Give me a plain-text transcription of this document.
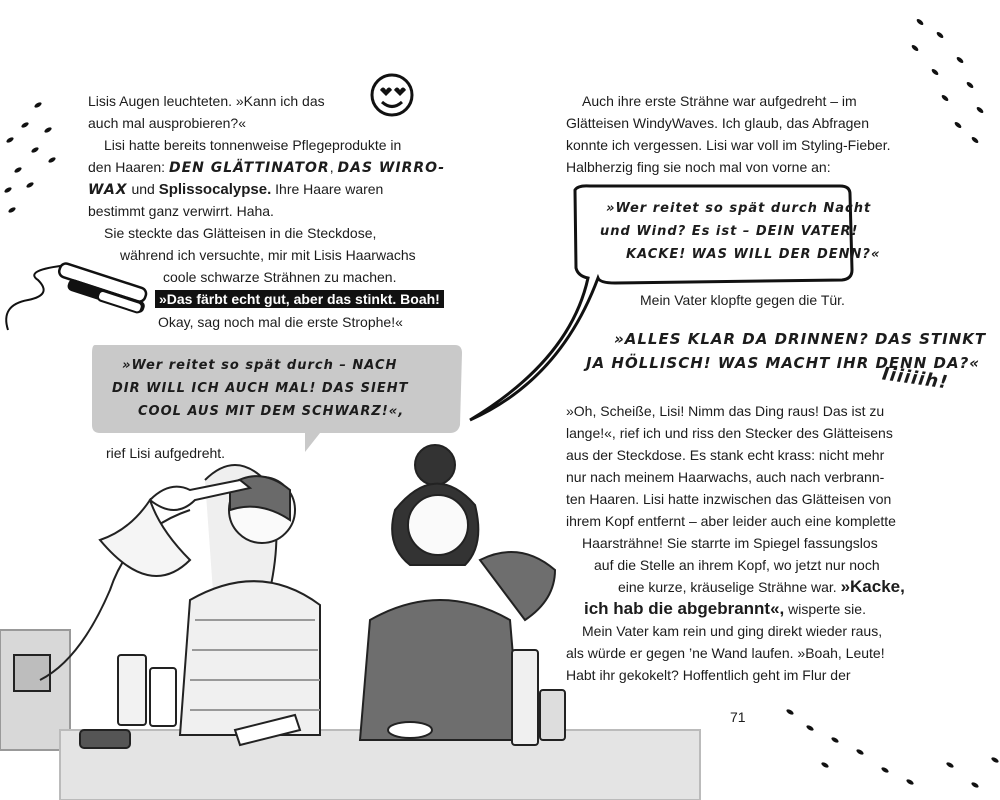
Lisis Augen leuchteten. »Kann ich das
auch mal ausprobieren?«
Lisi hatte bereits tonnenweise Pflegeprodukte in
den Haaren: DEN GLÄTTINATOR, DAS WIRRO-
WAX und Splissocalypse. Ihre Haare waren
bestimmt ganz verwirrt. Haha.
Sie steckte das Glätteisen in die Steckdose,
während ich versuchte, mir mit Lisis Haarwachs
coole schwarze Strähnen zu machen.
»Das färbt echt gut, aber das stinkt. Boah!
Okay, sag noch mal die erste Strophe!«
»Wer reitet so spät durch – NACH
DIR WILL ICH AUCH MAL! DAS SIEHT
COOL AUS MIT DEM SCHWARZ!«,
rief Lisi aufgedreht.
Auch ihre erste Strähne war aufgedreht – im
Glätteisen WindyWaves. Ich glaub, das Abfragen
konnte ich vergessen. Lisi war voll im Styling-Fieber.
Halbherzig fing sie noch mal von vorne an:
»Wer reitet so spät durch Nacht
und Wind? Es ist – DEIN VATER!
KACKE! WAS WILL DER DENN?«
Mein Vater klopfte gegen die Tür.
»ALLES KLAR DA DRINNEN? DAS STINKT
JA HÖLLISCH! WAS MACHT IHR DENN DA?«
Iiiiiih!
»Oh, Scheiße, Lisi! Nimm das Ding raus! Das ist zu
lange!«, rief ich und riss den Stecker des Glätteisens
aus der Steckdose. Es stank echt krass: nicht mehr
nur nach meinem Haarwachs, auch nach verbrann-
ten Haaren. Lisi hatte inzwischen das Glätteisen von
ihrem Kopf entfernt – aber leider auch eine komplette
Haarsträhne! Sie starrte im Spiegel fassungslos
auf die Stelle an ihrem Kopf, wo jetzt nur noch
eine kurze, kräuselige Strähne war. »Kacke,
ich hab die abgebrannt«, wisperte sie.
Mein Vater kam rein und ging direkt wieder raus,
als würde er gegen ’ne Wand laufen. »Boah, Leute!
Habt ihr gekokelt? Hoffentlich geht im Flur der
71
